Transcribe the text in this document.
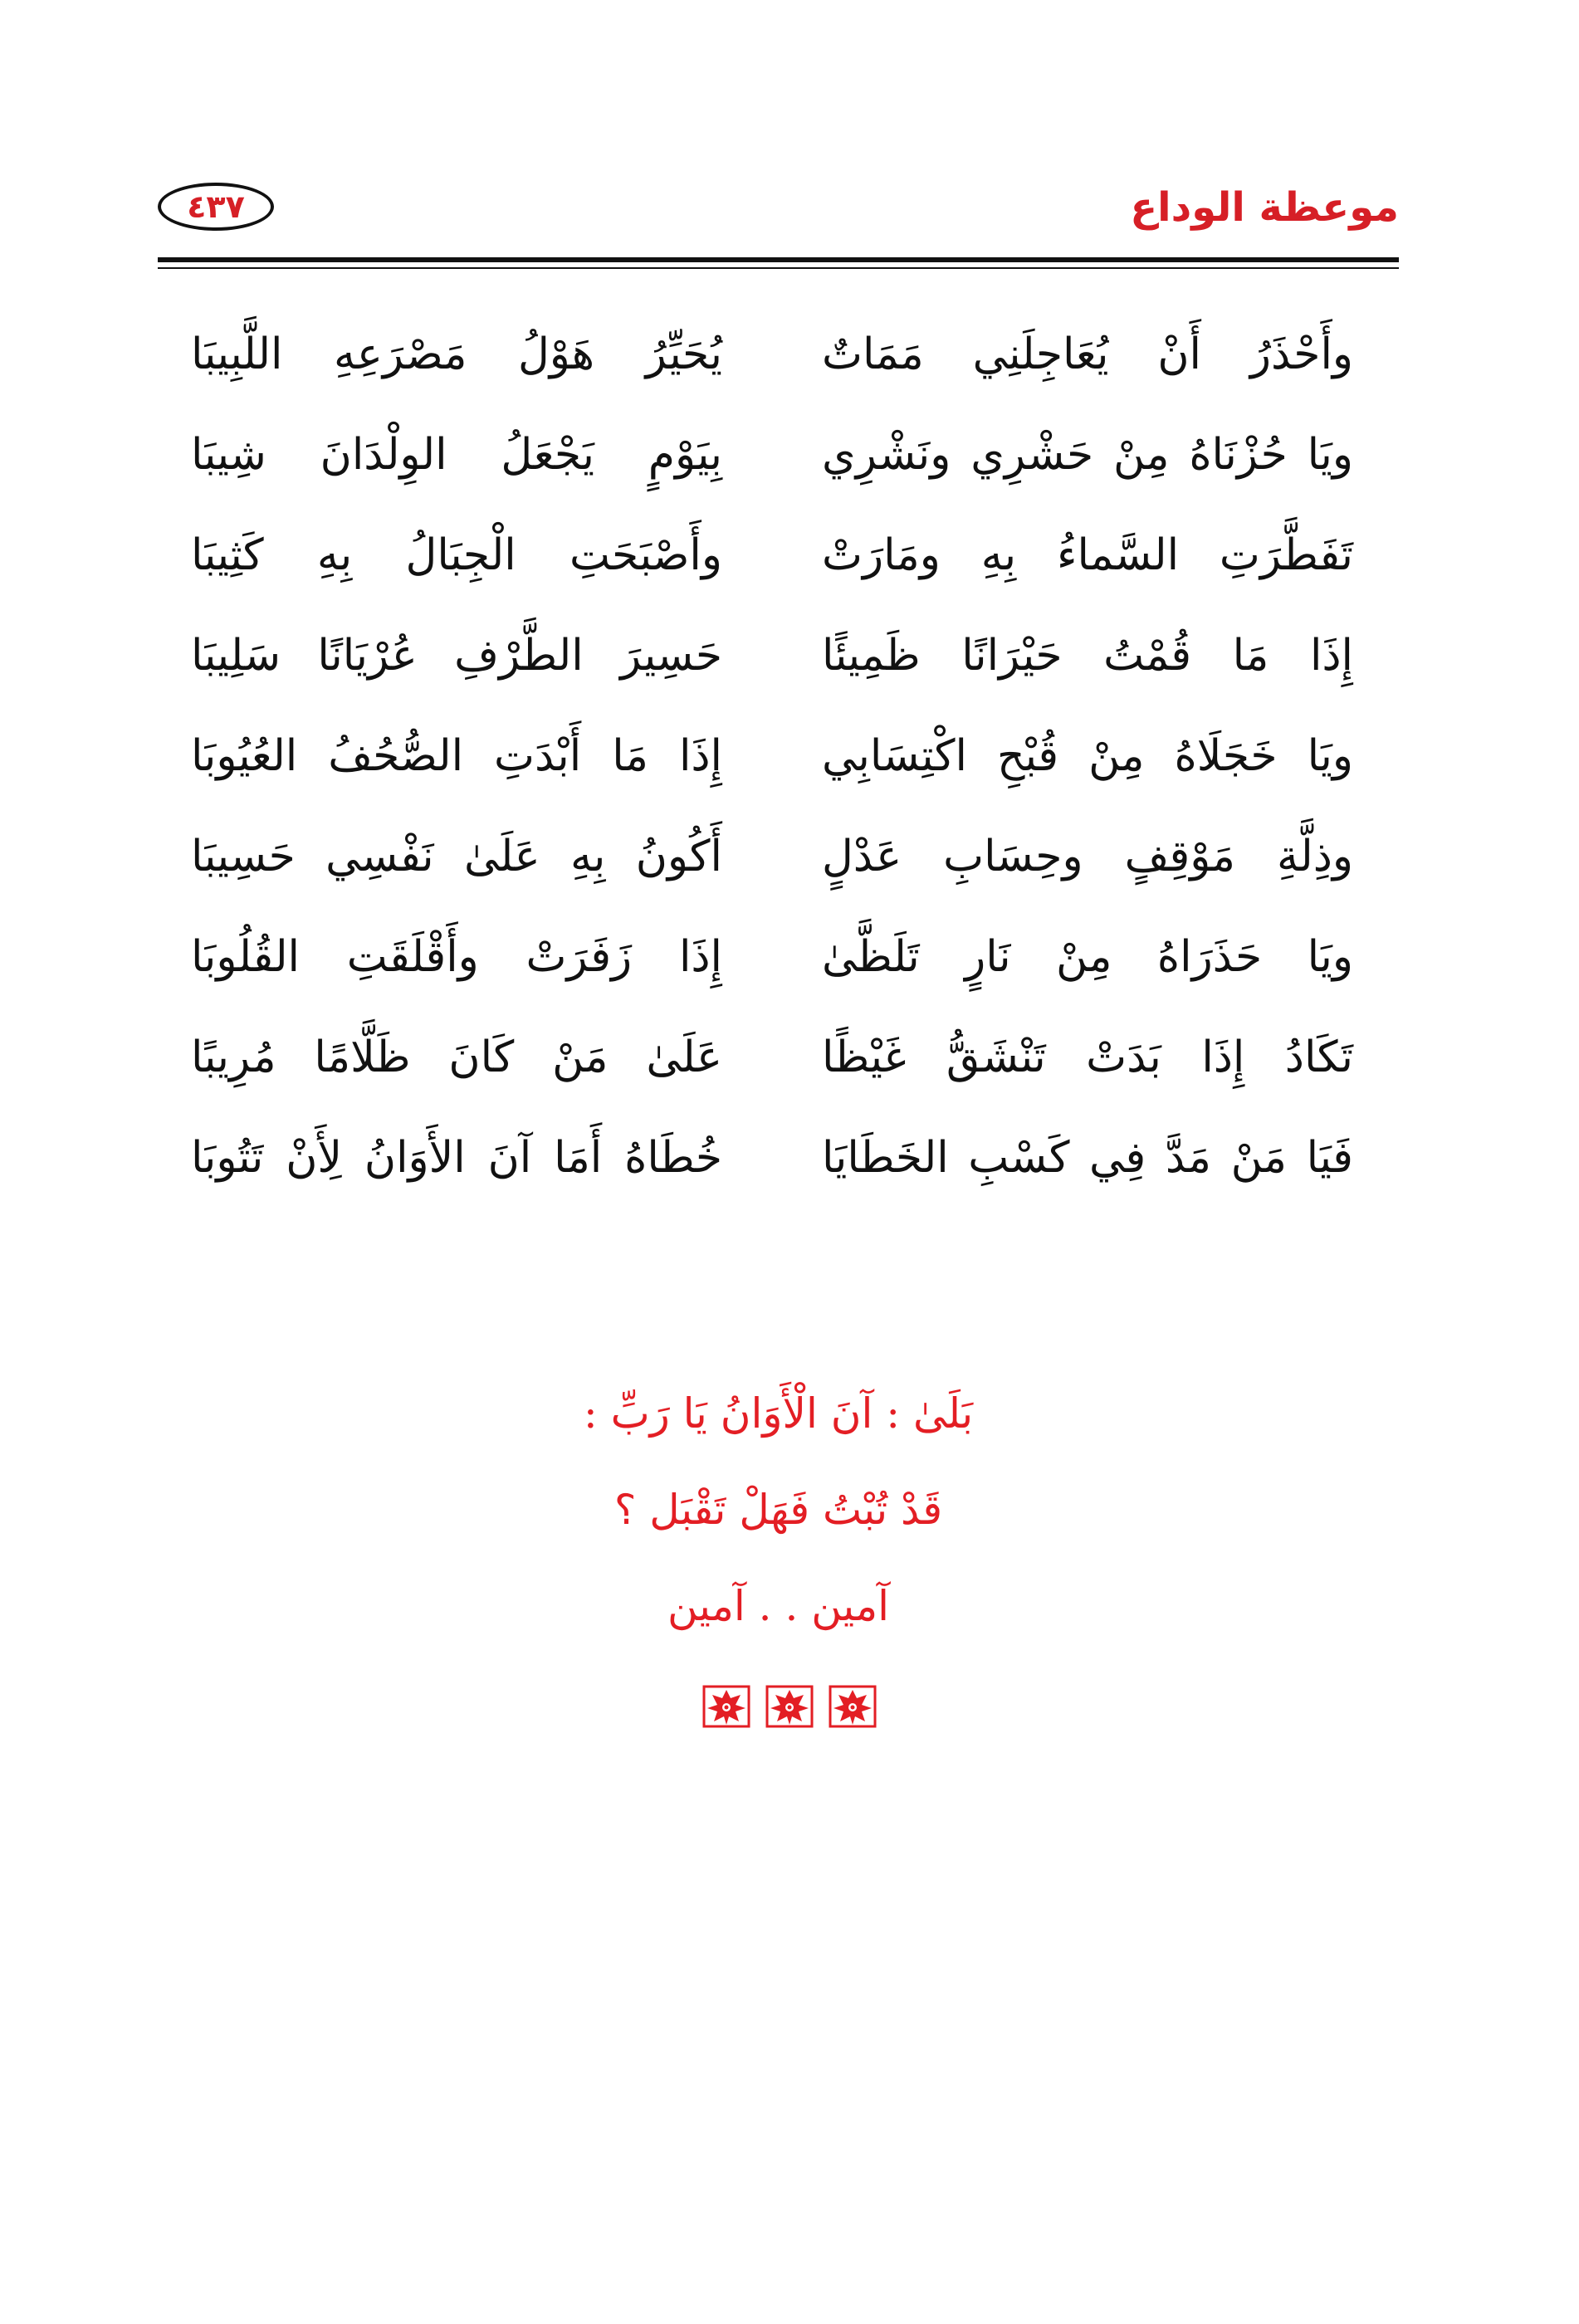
موعظة الوداع
٤٣٧
وأَحْذَرُ أَنْ يُعَاجِلَنِي مَمَاتٌ
يُحَيِّرُ هَوْلُ مَصْرَعِهِ اللَّبِيبَا
ويَا حُزْنَاهُ مِنْ حَشْرِي ونَشْرِي
بِيَوْمٍ يَجْعَلُ الوِلْدَانَ شِيبَا
تَفَطَّرَتِ السَّماءُ بِهِ ومَارَتْ
وأَصْبَحَتِ الْجِبَالُ بِهِ كَثِيبَا
إِذَا مَا قُمْتُ حَيْرَانًا ظَمِيئًا
حَسِيرَ الطَّرْفِ عُرْيَانًا سَلِيبَا
ويَا خَجَلَاهُ مِنْ قُبْحِ اكْتِسَابِي
إِذَا مَا أَبْدَتِ الصُّحُفُ العُيُوبَا
وذِلَّةِ مَوْقِفٍ وحِسَابِ عَدْلٍ
أَكُونُ بِهِ عَلَىٰ نَفْسِي حَسِيبَا
ويَا حَذَرَاهُ مِنْ نَارٍ تَلَظَّىٰ
إِذَا زَفَرَتْ وأَقْلَقَتِ القُلُوبَا
تَكَادُ إِذَا بَدَتْ تَنْشَقُّ غَيْظًا
عَلَىٰ مَنْ كَانَ ظَلَّامًا مُرِيبًا
فَيَا مَنْ مَدَّ فِي كَسْبِ الخَطَايَا
خُطَاهُ أَمَا آنَ الأَوَانُ لِأَنْ تَتُوبَا
بَلَىٰ : آنَ الْأَوَانُ يَا رَبِّ :
قَدْ تُبْتُ فَهَلْ تَقْبَل ؟
آمين . . آمين
